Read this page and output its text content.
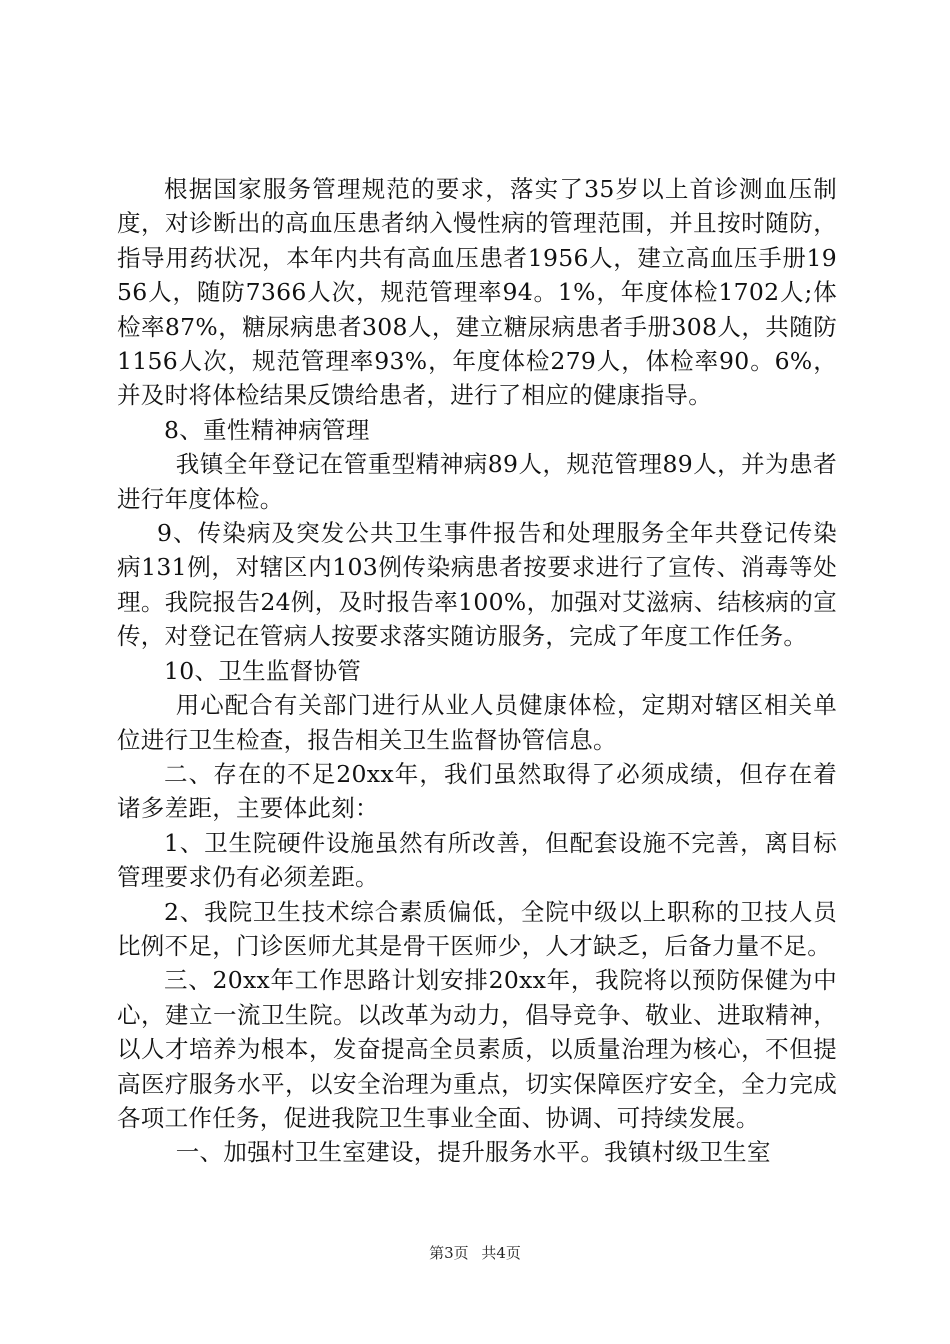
根据国家服务管理规范的要求，落实了35岁以上首诊测血压制度，对诊断出的高血压患者纳入慢性病的管理范围，并且按时随防，指导用药状况，本年内共有高血压患者1956人，建立高血压手册1956人，随防7366人次，规范管理率94。1%，年度体检1702人;体检率87%，糖尿病患者308人，建立糖尿病患者手册308人，共随防1156人次，规范管理率93%，年度体检279人，体检率90。6%，并及时将体检结果反馈给患者，进行了相应的健康指导。

8、重性精神病管理

我镇全年登记在管重型精神病89人，规范管理89人，并为患者进行年度体检。

9、传染病及突发公共卫生事件报告和处理服务全年共登记传染病131例，对辖区内103例传染病患者按要求进行了宣传、消毒等处理。我院报告24例，及时报告率100%，加强对艾滋病、结核病的宣传，对登记在管病人按要求落实随访服务，完成了年度工作任务。

10、卫生监督协管

用心配合有关部门进行从业人员健康体检，定期对辖区相关单位进行卫生检查，报告相关卫生监督协管信息。

二、存在的不足20xx年，我们虽然取得了必须成绩，但存在着诸多差距，主要体此刻：

1、卫生院硬件设施虽然有所改善，但配套设施不完善，离目标管理要求仍有必须差距。

2、我院卫生技术综合素质偏低，全院中级以上职称的卫技人员比例不足，门诊医师尤其是骨干医师少，人才缺乏，后备力量不足。

三、20xx年工作思路计划安排20xx年，我院将以预防保健为中心，建立一流卫生院。以改革为动力，倡导竞争、敬业、进取精神，以人才培养为根本，发奋提高全员素质，以质量治理为核心，不但提高医疗服务水平，以安全治理为重点，切实保障医疗安全，全力完成各项工作任务，促进我院卫生事业全面、协调、可持续发展。

一、加强村卫生室建设，提升服务水平。我镇村级卫生室

第3页 共4页
